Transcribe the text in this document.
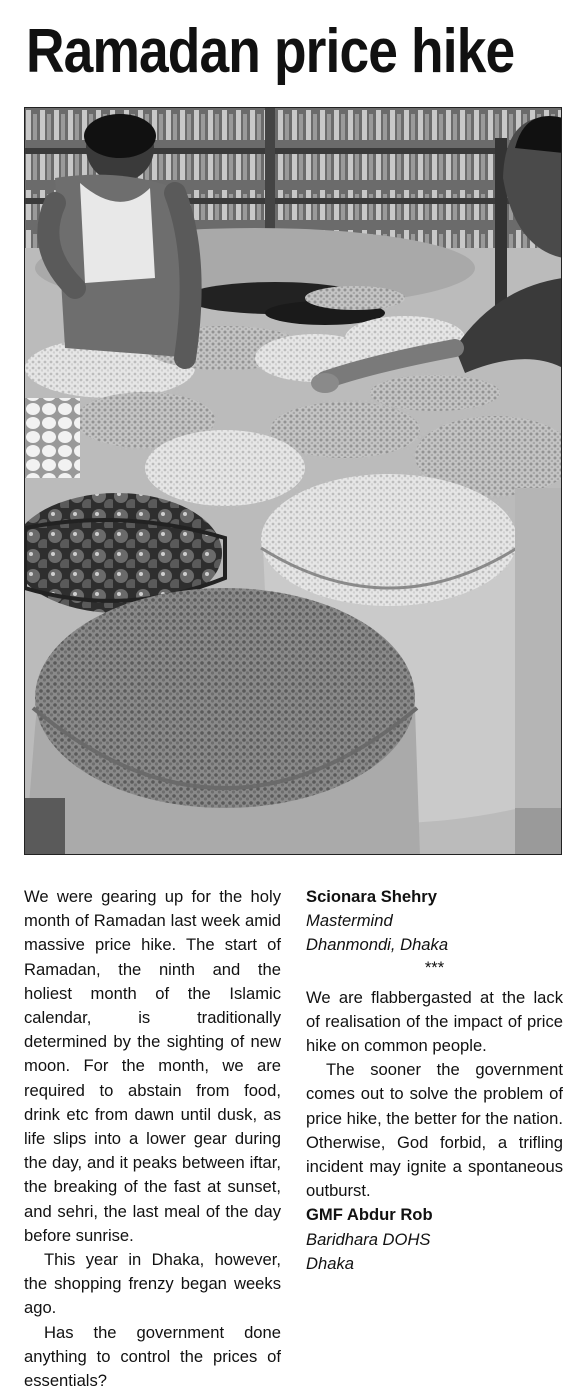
Ramadan price hike

We were gearing up for the holy month of Ramadan last week amid massive price hike. The start of Ramadan, the ninth and the holiest month of the Islamic calendar, is traditionally determined by the sighting of new moon. For the month, we are required to abstain from food, drink etc from dawn until dusk, as life slips into a lower gear during the day, and it peaks between iftar, the breaking of the fast at sunset, and sehri, the last meal of the day before sunrise.

This year in Dhaka, however, the shopping frenzy began weeks ago.

Has the government done anything to control the prices of essentials?

Scionara Shehry
Mastermind
Dhanmondi, Dhaka
***

We are flabbergasted at the lack of realisation of the impact of price hike on common people.

The sooner the government comes out to solve the problem of price hike, the better for the nation. Otherwise, God forbid, a trifling incident may ignite a spontaneous outburst.

GMF Abdur Rob
Baridhara DOHS
Dhaka
